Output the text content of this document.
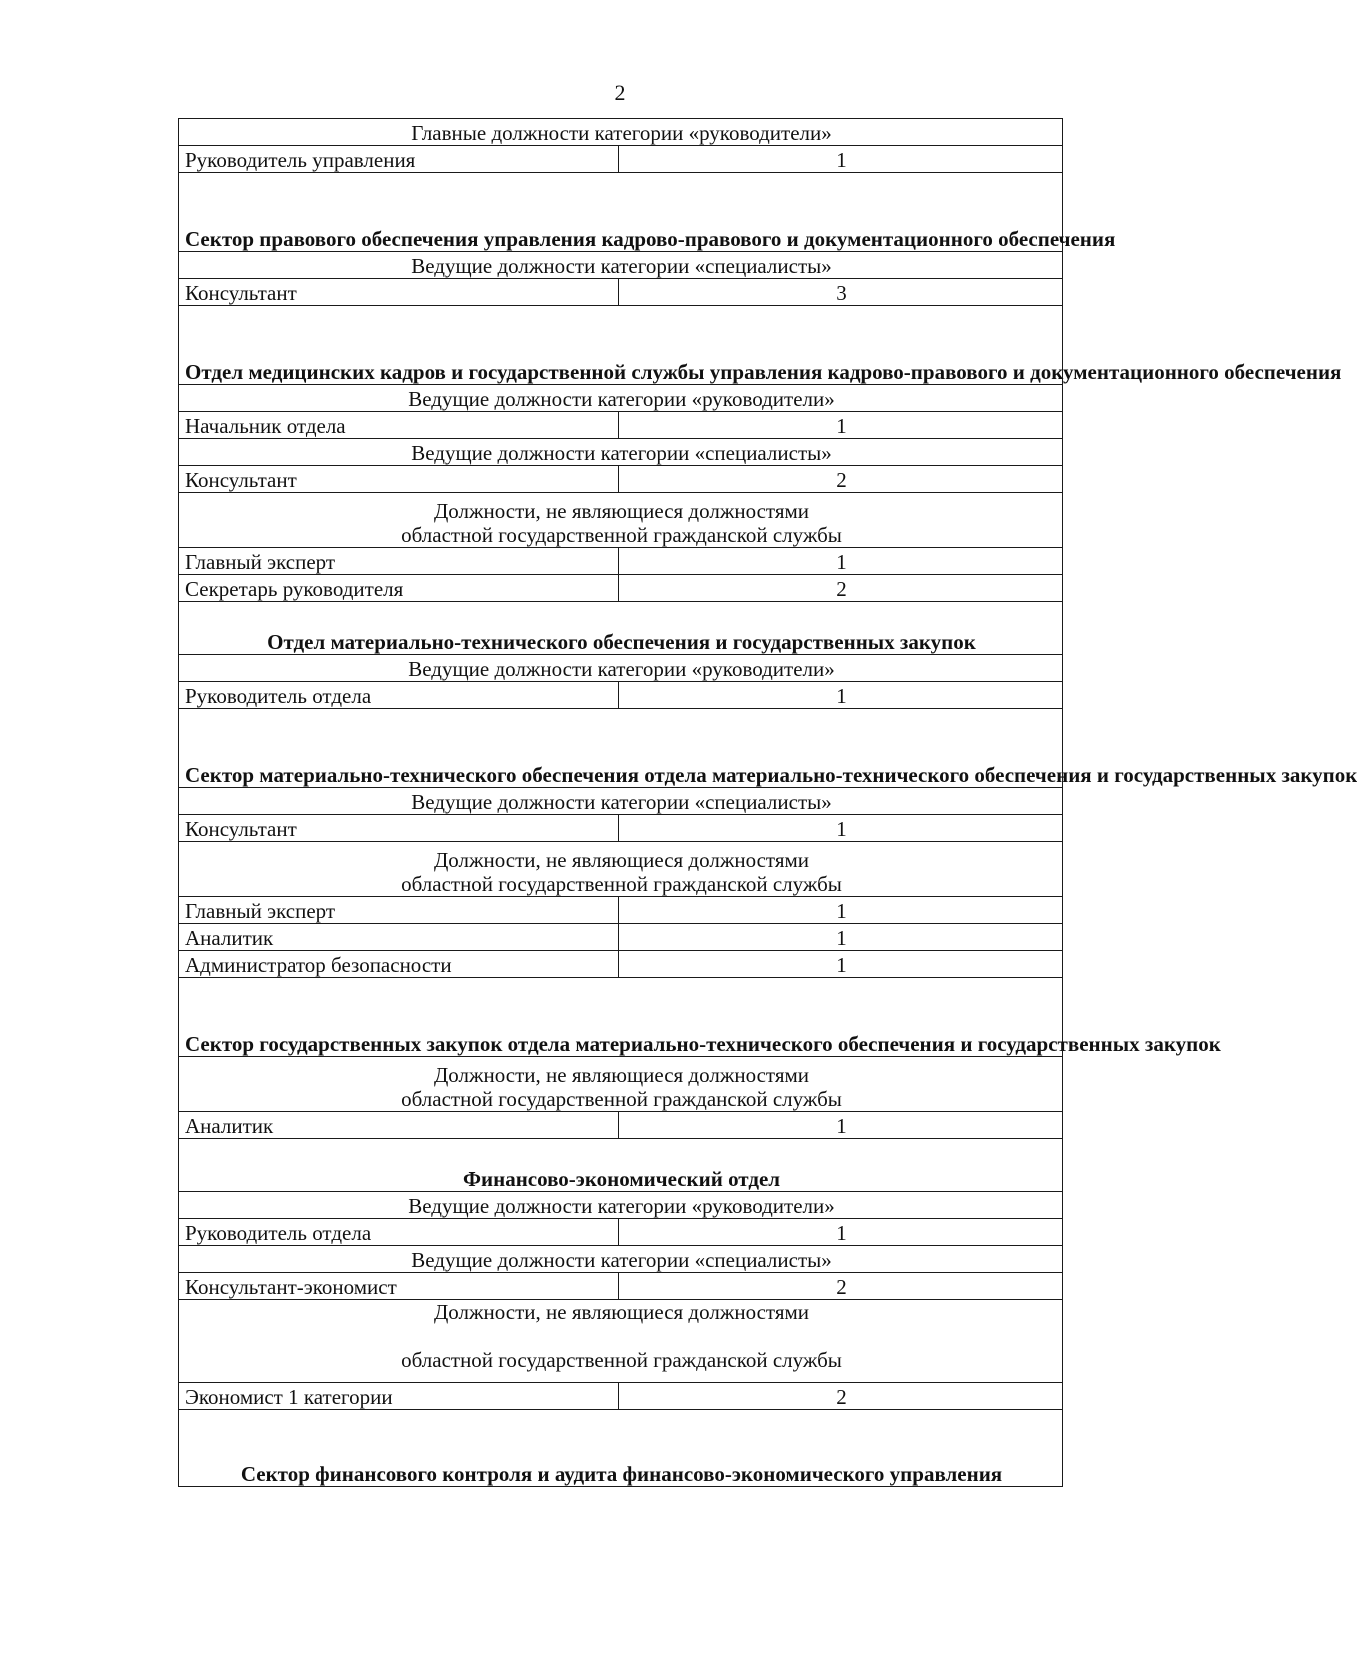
2
Главные должности категории «руководители»	
Руководитель управления	1
Сектор правового обеспечения управления кадрово-правового и документационного обеспечения	
Ведущие должности категории «специалисты»	
Консультант	3
Отдел медицинских кадров и государственной службы управления кадрово-правового и документационного обеспечения	
Ведущие должности категории «руководители»	
Начальник отдела	1
Ведущие должности категории «специалисты»	
Консультант	2

Должности, не являющиеся должностями
областной государственной гражданской службы	

Главный эксперт	1
Секретарь руководителя	2
Отдел материально-технического обеспечения и государственных закупок	
Ведущие должности категории «руководители»	
Руководитель отдела	1
Сектор материально-технического обеспечения отдела материально-технического обеспечения и государственных закупок	
Ведущие должности категории «специалисты»	
Консультант	1

Должности, не являющиеся должностями
областной государственной гражданской службы	

Главный эксперт	1
Аналитик	1
Администратор безопасности	1
Сектор государственных закупок отдела материально-технического обеспечения и государственных закупок	

Должности, не являющиеся должностями
областной государственной гражданской службы	

Аналитик	1
Финансово-экономический отдел	
Ведущие должности категории «руководители»	
Руководитель отдела	1
Ведущие должности категории «специалисты»	
Консультант-экономист	2

Должности, не являющиеся должностями
областной государственной гражданской службы	

Экономист 1 категории	2
Сектор финансового контроля и аудита финансово-экономического управления	
